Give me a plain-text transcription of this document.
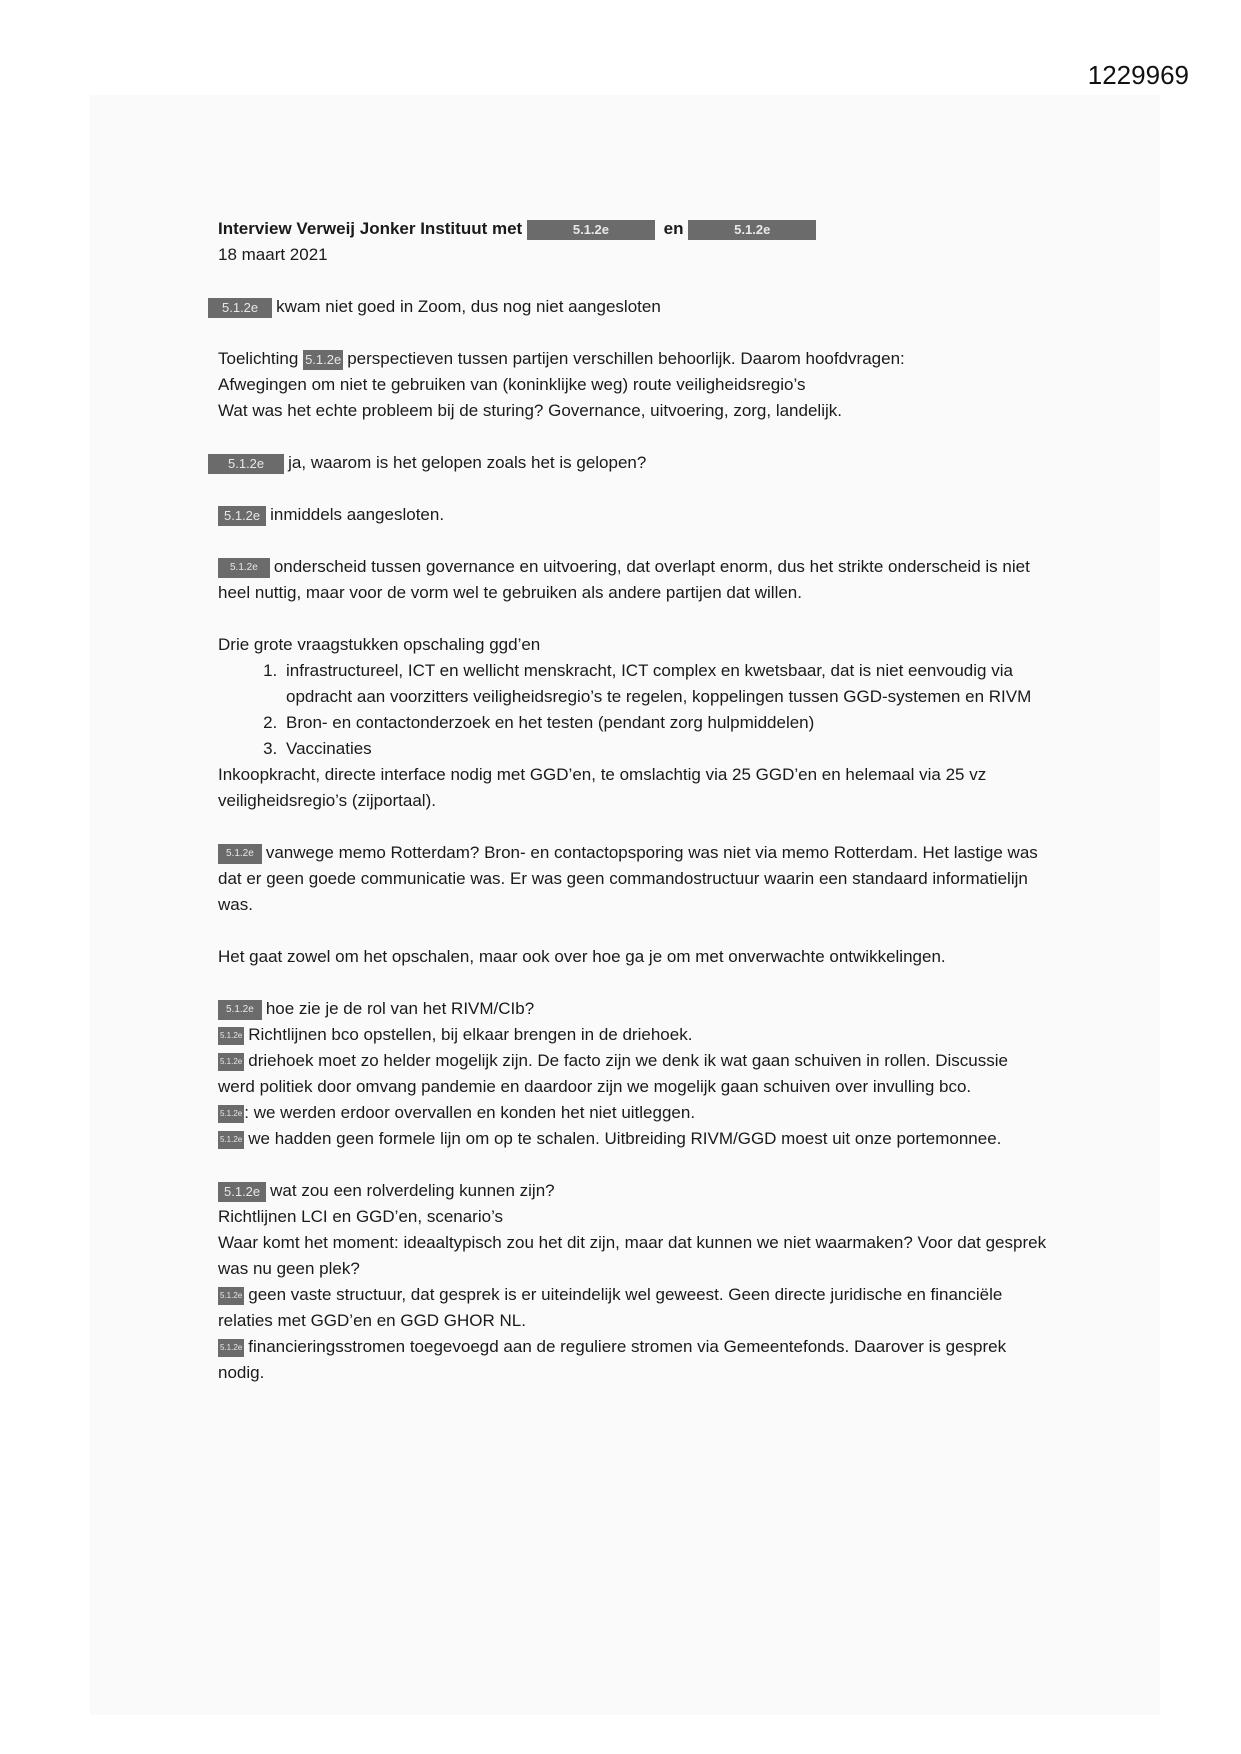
1229969
Interview Verweij Jonker Instituut met	5.1.2e	en	5.1.2e
18 maart 2021

5.1.2e kwam niet goed in Zoom, dus nog niet aangesloten

Toelichting 5.1.2e perspectieven tussen partijen verschillen behoorlijk. Daarom hoofdvragen:
Afwegingen om niet te gebruiken van (koninklijke weg) route veiligheidsregio’s
Wat was het echte probleem bij de sturing? Governance, uitvoering, zorg, landelijk.

5.1.2e ja, waarom is het gelopen zoals het is gelopen?

5.1.2e inmiddels aangesloten.

5.1.2e onderscheid tussen governance en uitvoering, dat overlapt enorm, dus het strikte onderscheid is niet heel nuttig, maar voor de vorm wel te gebruiken als andere partijen dat willen.

Drie grote vraagstukken opschaling ggd’en
1. infrastructureel, ICT en wellicht menskracht, ICT complex en kwetsbaar, dat is niet eenvoudig via opdracht aan voorzitters veiligheidsregio’s te regelen, koppelingen tussen GGD-systemen en RIVM
2. Bron- en contactonderzoek en het testen (pendant zorg hulpmiddelen)
3. Vaccinaties
Inkoopkracht, directe interface nodig met GGD’en, te omslachtig via 25 GGD’en en helemaal via 25 vz veiligheidsregio’s (zijportaal).

5.1.2e vanwege memo Rotterdam? Bron- en contactopsporing was niet via memo Rotterdam. Het lastige was dat er geen goede communicatie was. Er was geen commandostructuur waarin een standaard informatielijn was.

Het gaat zowel om het opschalen, maar ook over hoe ga je om met onverwachte ontwikkelingen.

5.1.2e hoe zie je de rol van het RIVM/CIb?
5.1.2e Richtlijnen bco opstellen, bij elkaar brengen in de driehoek.
5.1.2e driehoek moet zo helder mogelijk zijn. De facto zijn we denk ik wat gaan schuiven in rollen. Discussie werd politiek door omvang pandemie en daardoor zijn we mogelijk gaan schuiven over invulling bco.
5.1.2e : we werden erdoor overvallen en konden het niet uitleggen.
5.1.2e we hadden geen formele lijn om op te schalen. Uitbreiding RIVM/GGD moest uit onze portemonnee.
5.1.2e wat zou een rolverdeling kunnen zijn?
Richtlijnen LCI en GGD’en, scenario’s
Waar komt het moment: ideaaltypisch zou het dit zijn, maar dat kunnen we niet waarmaken? Voor dat gesprek was nu geen plek?
5.1.2e geen vaste structuur, dat gesprek is er uiteindelijk wel geweest. Geen directe juridische en financiële relaties met GGD’en en GGD GHOR NL.
5.1.2e financieringsstromen toegevoegd aan de reguliere stromen via Gemeentefonds. Daarover is gesprek nodig.
